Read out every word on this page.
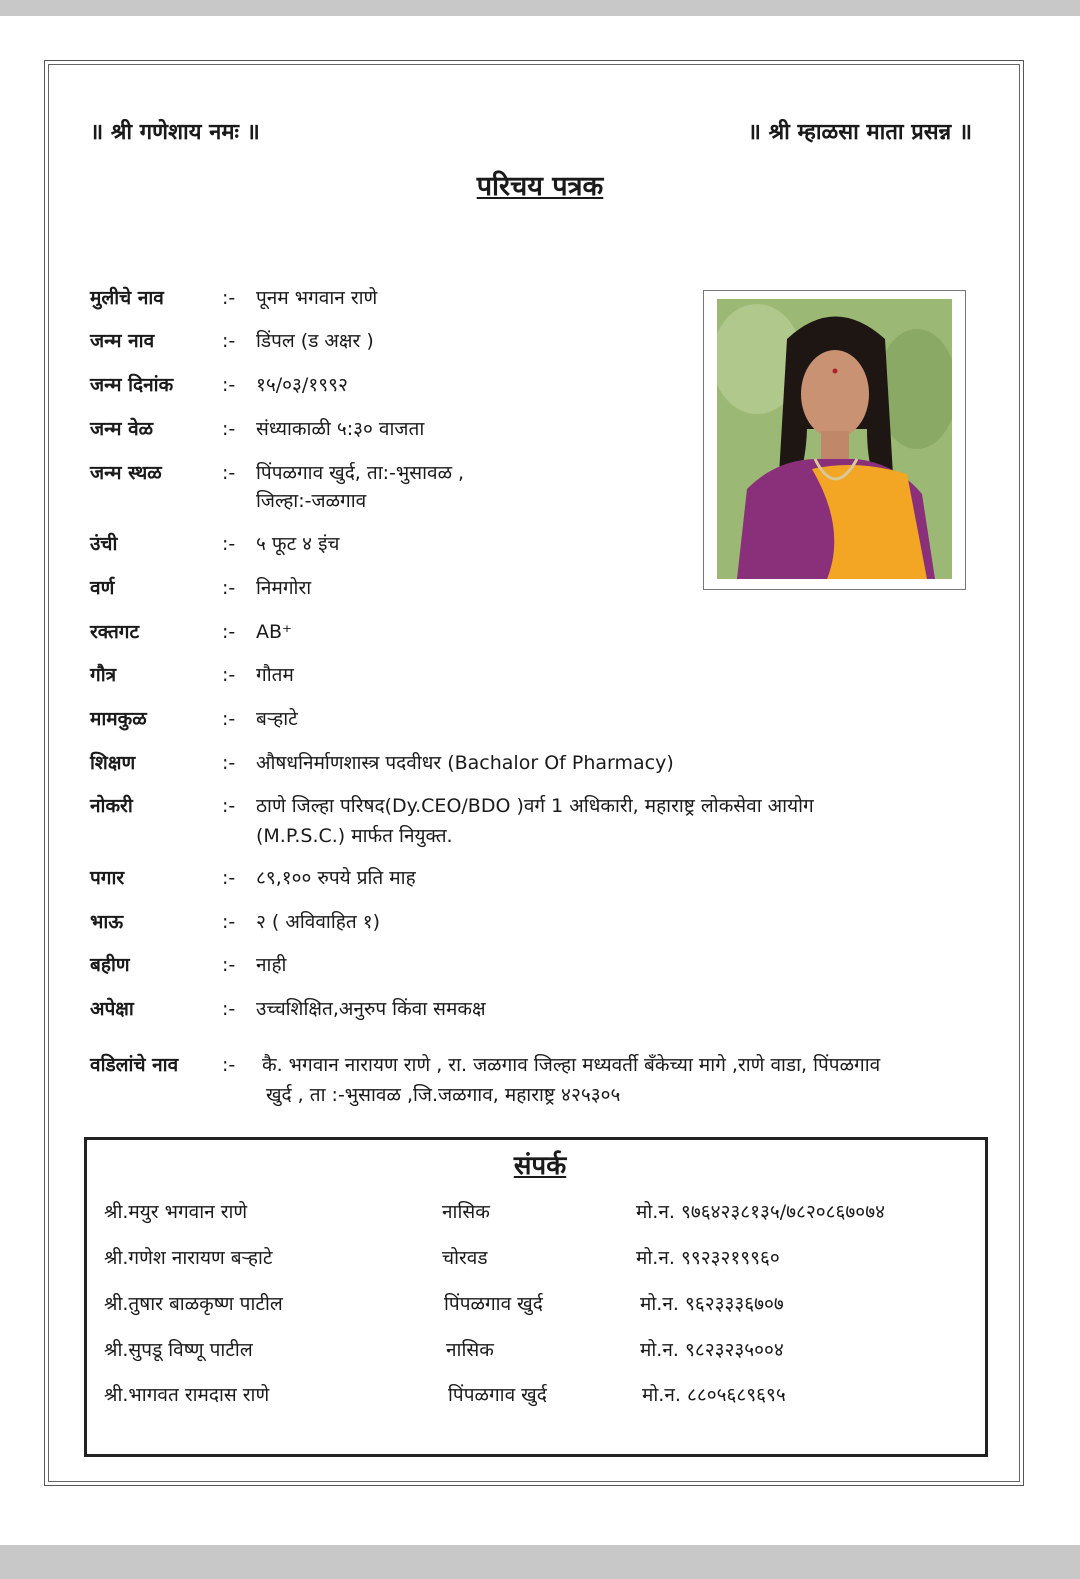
॥ श्री गणेशाय नमः ॥	॥ श्री म्हाळसा माता प्रसन्न ॥
परिचय पत्रक
मुलीचे नाव	:-	पूनम भगवान राणे
जन्म नाव	:-	डिंपल (ड अक्षर )
जन्म दिनांक	:-	१५/०३/१९९२
जन्म वेळ	:-	संध्याकाळी ५:३० वाजता
जन्म स्थळ	:-	पिंपळगाव खुर्द, ता:-भुसावळ ,
जिल्हा:-जळगाव
उंची	:-	५ फूट ४ इंच
वर्ण	:-	निमगोरा
रक्तगट	:-	AB⁺
गौत्र	:-	गौतम
मामकुळ	:-	बऱ्हाटे
शिक्षण	:-	औषधनिर्माणशास्त्र पदवीधर (Bachalor Of Pharmacy)
नोकरी	:-	ठाणे जिल्हा परिषद(Dy.CEO/BDO )वर्ग 1 अधिकारी, महाराष्ट्र लोकसेवा आयोग
(M.P.S.C.) मार्फत नियुक्त.
पगार	:-	८९,१०० रुपये प्रति माह
भाऊ	:-	२ ( अविवाहित १)
बहीण	:-	नाही
अपेक्षा	:-	उच्चशिक्षित,अनुरुप किंवा समकक्ष
वडिलांचे नाव	:-	कै. भगवान नारायण राणे , रा. जळगाव जिल्हा मध्यवर्ती बँकेच्या मागे ,राणे वाडा, पिंपळगाव
खुर्द , ता :-भुसावळ ,जि.जळगाव, महाराष्ट्र ४२५३०५
संपर्क
श्री.मयुर भगवान राणे	नासिक	मो.न. ९७६४२३८१३५/७८२०८६७०७४
श्री.गणेश नारायण बऱ्हाटे	चोरवड	मो.न. ९९२३२१९९६०
श्री.तुषार बाळकृष्ण पाटील	पिंपळगाव खुर्द	मो.न. ९६२३३३६७०७
श्री.सुपडू विष्णू पाटील	नासिक	मो.न. ९८२३२३५००४
श्री.भागवत रामदास राणे	पिंपळगाव खुर्द	मो.न. ८८०५६८९६९५
